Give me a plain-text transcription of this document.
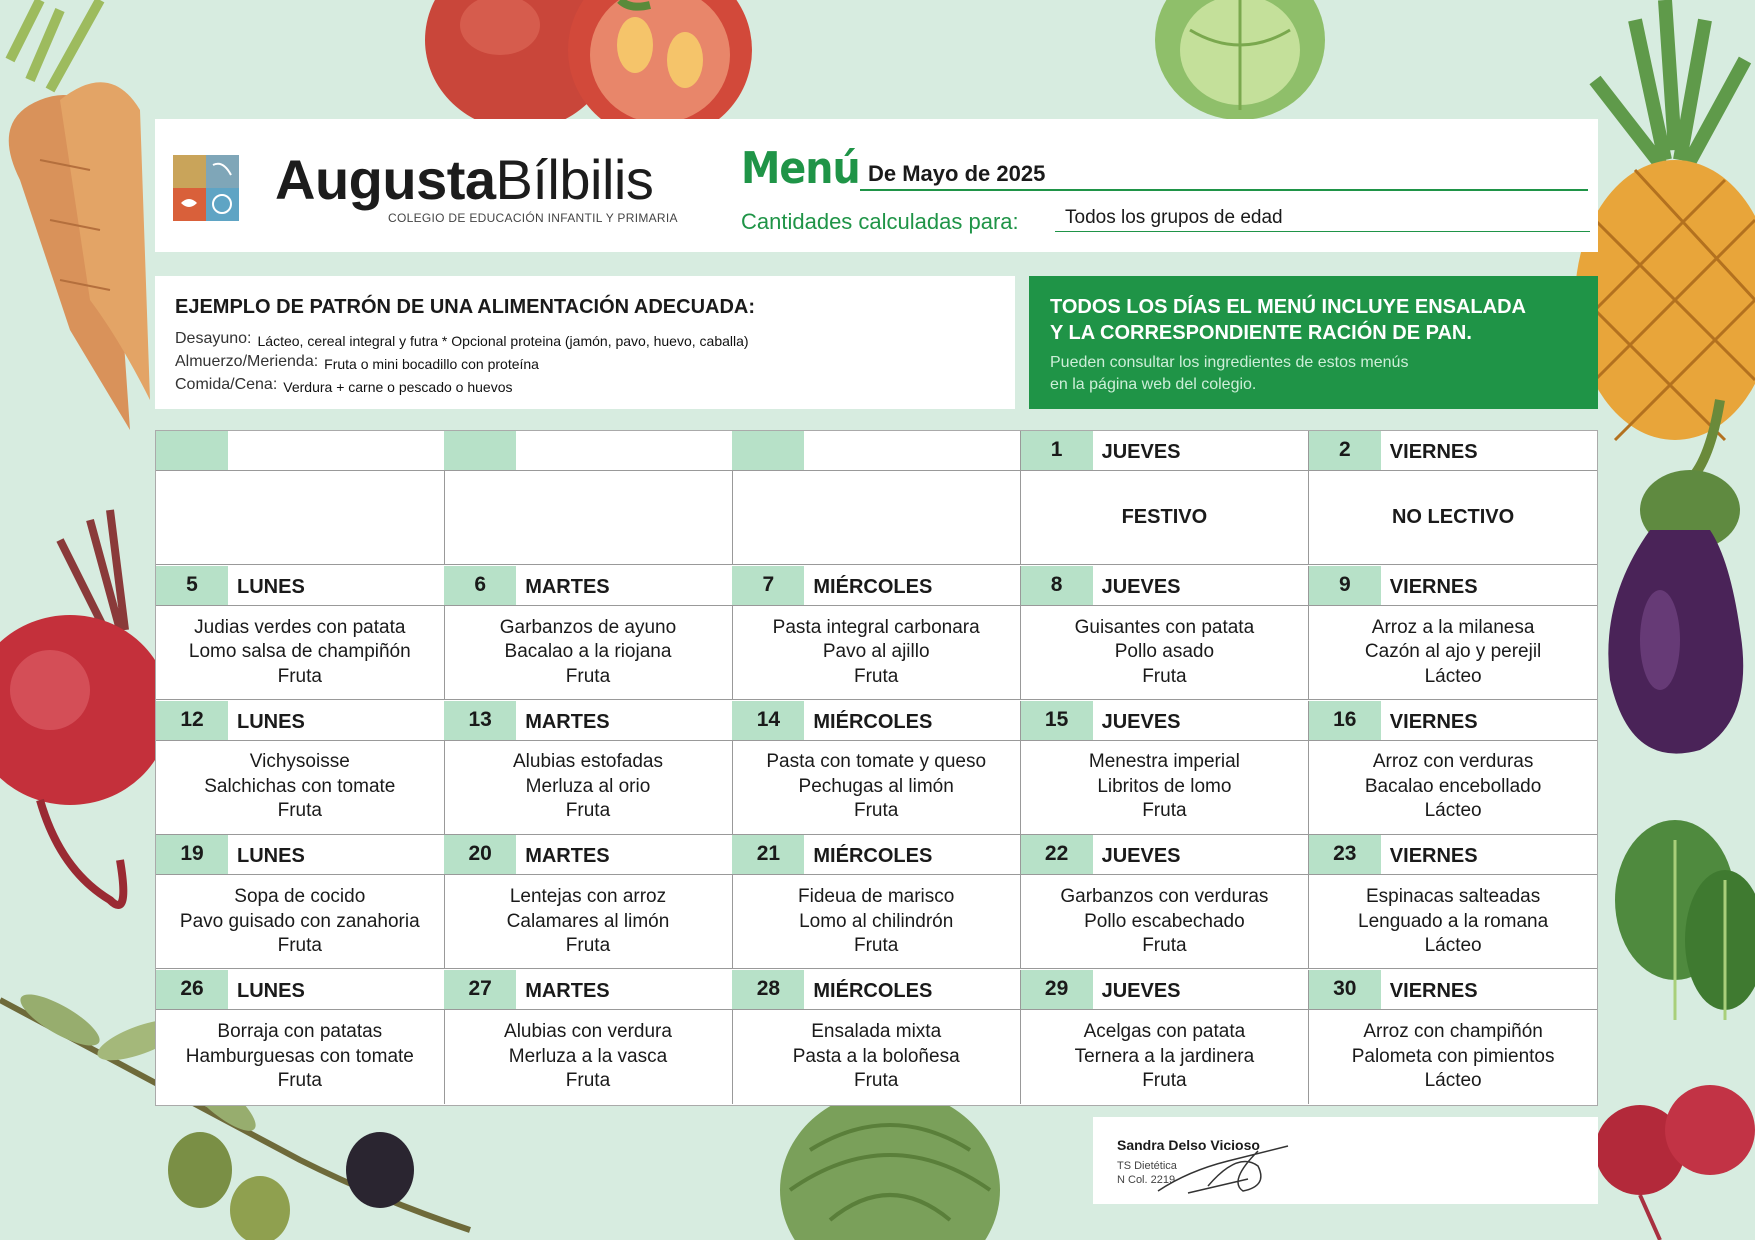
AugustaBílbilis
COLEGIO DE EDUCACIÓN INFANTIL Y PRIMARIA
Menú De Mayo de 2025
Cantidades calculadas para:	Todos los grupos de edad
EJEMPLO DE PATRÓN DE UNA ALIMENTACIÓN ADECUADA:
Desayuno: Lácteo, cereal integral y futra * Opcional proteina (jamón, pavo, huevo, caballa)
Almuerzo/Merienda: Fruta o mini bocadillo con proteína
Comida/Cena: Verdura + carne o pescado o huevos
TODOS LOS DÍAS EL MENÚ INCLUYE ENSALADA
Y LA CORRESPONDIENTE RACIÓN DE PAN.
Pueden consultar los ingredientes de estos menús
en la página web del colegio.
1	JUEVES
FESTIVO
2	VIERNES
NO LECTIVO
5	LUNES
Judias verdes con patata
Lomo salsa de champiñón
Fruta
6	MARTES
Garbanzos de ayuno
Bacalao a la riojana
Fruta
7	MIÉRCOLES
Pasta integral carbonara
Pavo al ajillo
Fruta
8	JUEVES
Guisantes con patata
Pollo asado
Fruta
9	VIERNES
Arroz a la milanesa
Cazón al ajo y perejil
Lácteo
12	LUNES
Vichysoisse
Salchichas con tomate
Fruta
13	MARTES
Alubias estofadas
Merluza al orio
Fruta
14	MIÉRCOLES
Pasta con tomate y queso
Pechugas al limón
Fruta
15	JUEVES
Menestra imperial
Libritos de lomo
Fruta
16	VIERNES
Arroz con verduras
Bacalao encebollado
Lácteo
19	LUNES
Sopa de cocido
Pavo guisado con zanahoria
Fruta
20	MARTES
Lentejas con arroz
Calamares al limón
Fruta
21	MIÉRCOLES
Fideua de marisco
Lomo al chilindrón
Fruta
22	JUEVES
Garbanzos con verduras
Pollo escabechado
Fruta
23	VIERNES
Espinacas salteadas
Lenguado a la romana
Lácteo
26	LUNES
Borraja con patatas
Hamburguesas con tomate
Fruta
27	MARTES
Alubias con verdura
Merluza a la vasca
Fruta
28	MIÉRCOLES
Ensalada mixta
Pasta a la boloñesa
Fruta
29	JUEVES
Acelgas con patata
Ternera a la jardinera
Fruta
30	VIERNES
Arroz con champiñón
Palometa con pimientos
Lácteo
Sandra Delso Vicioso
TS Dietética
N Col. 2219
